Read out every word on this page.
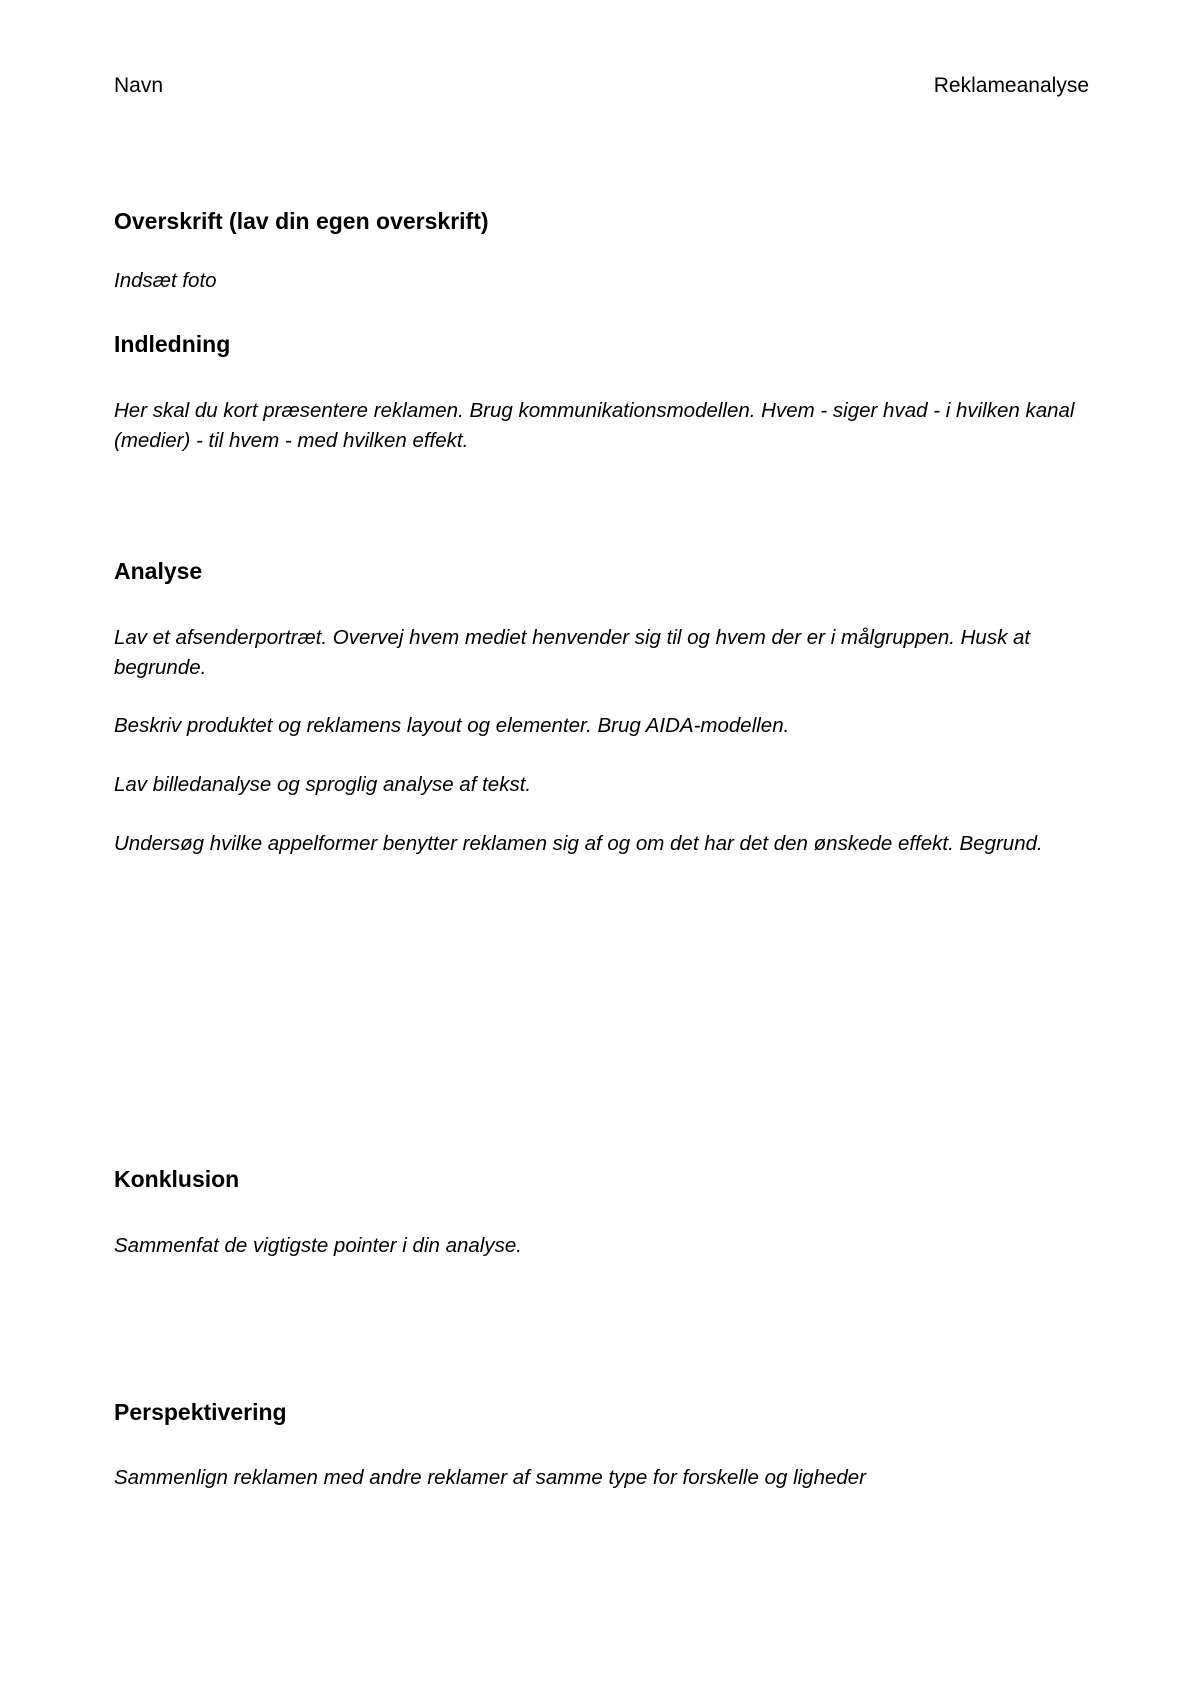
Navn	Reklameanalyse
Overskrift (lav din egen overskrift)

Indsæt foto

Indledning

Her skal du kort præsentere reklamen. Brug kommunikationsmodellen. Hvem - siger hvad - i hvilken kanal (medier) - til hvem - med hvilken effekt.

Analyse

Lav et afsenderportræt. Overvej hvem mediet henvender sig til og hvem der er i målgruppen. Husk at begrunde.

Beskriv produktet og reklamens layout og elementer. Brug AIDA-modellen.

Lav billedanalyse og sproglig analyse af tekst.

Undersøg hvilke appelformer benytter reklamen sig af og om det har det den ønskede effekt. Begrund.

Konklusion

Sammenfat de vigtigste pointer i din analyse.

Perspektivering

Sammenlign reklamen med andre reklamer af samme type for forskelle og ligheder
